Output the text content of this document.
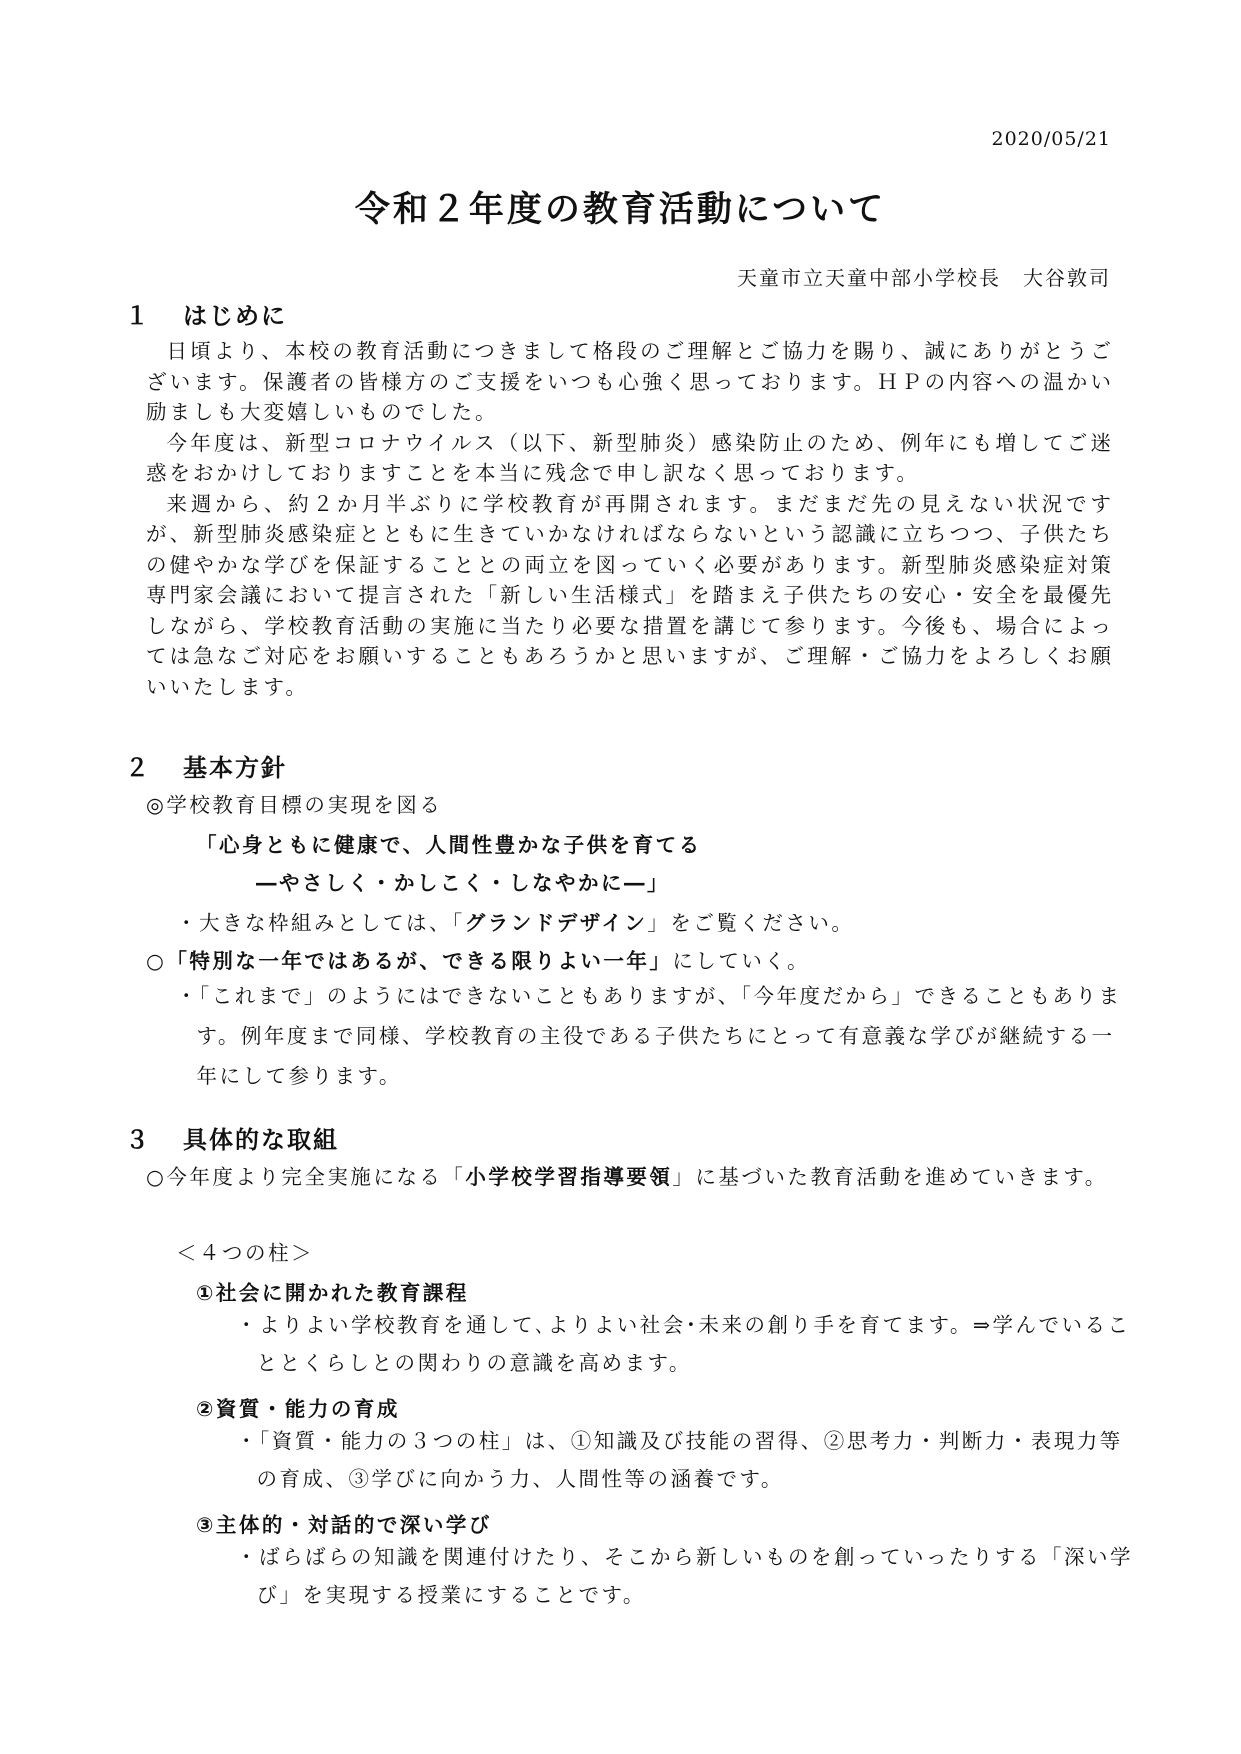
2020/05/21
令和２年度の教育活動について
天童市立天童中部小学校長　大谷敦司
１ はじめに

日頃より、本校の教育活動につきまして格段のご理解とご協力を賜り、誠にありがとうございます。保護者の皆様方のご支援をいつも心強く思っております。ＨＰの内容への温かい励ましも大変嬉しいものでした。

今年度は、新型コロナウイルス（以下、新型肺炎）感染防止のため、例年にも増してご迷惑をおかけしておりますことを本当に残念で申し訳なく思っております。

来週から、約２か月半ぶりに学校教育が再開されます。まだまだ先の見えない状況ですが、新型肺炎感染症とともに生きていかなければならないという認識に立ちつつ、子供たちの健やかな学びを保証することとの両立を図っていく必要があります。新型肺炎感染症対策専門家会議において提言された「新しい生活様式」を踏まえ子供たちの安心・安全を最優先しながら、学校教育活動の実施に当たり必要な措置を講じて参ります。今後も、場合によっては急なご対応をお願いすることもあろうかと思いますが、ご理解・ご協力をよろしくお願いいたします。

２ 基本方針
◎学校教育目標の実現を図る
「心身ともに健康で、人間性豊かな子供を育てる
―やさしく・かしこく・しなやかに―」
・大きな枠組みとしては、「グランドデザイン」をご覧ください。
○「特別な一年ではあるが、できる限りよい一年」にしていく。
・「これまで」のようにはできないこともありますが、「今年度だから」できることもあります。例年度まで同様、学校教育の主役である子供たちにとって有意義な学びが継続する一年にして参ります。
３ 具体的な取組
○今年度より完全実施になる「小学校学習指導要領」に基づいた教育活動を進めていきます。
＜４つの柱＞
①社会に開かれた教育課程
・よりよい学校教育を通して､よりよい社会･未来の創り手を育てます。⇒学んでいることとくらしとの関わりの意識を高めます。
②資質・能力の育成
・「資質・能力の３つの柱」は、①知識及び技能の習得、②思考力・判断力・表現力等の育成、③学びに向かう力、人間性等の涵養です。
③主体的・対話的で深い学び
・ばらばらの知識を関連付けたり、そこから新しいものを創っていったりする「深い学び」を実現する授業にすることです。
